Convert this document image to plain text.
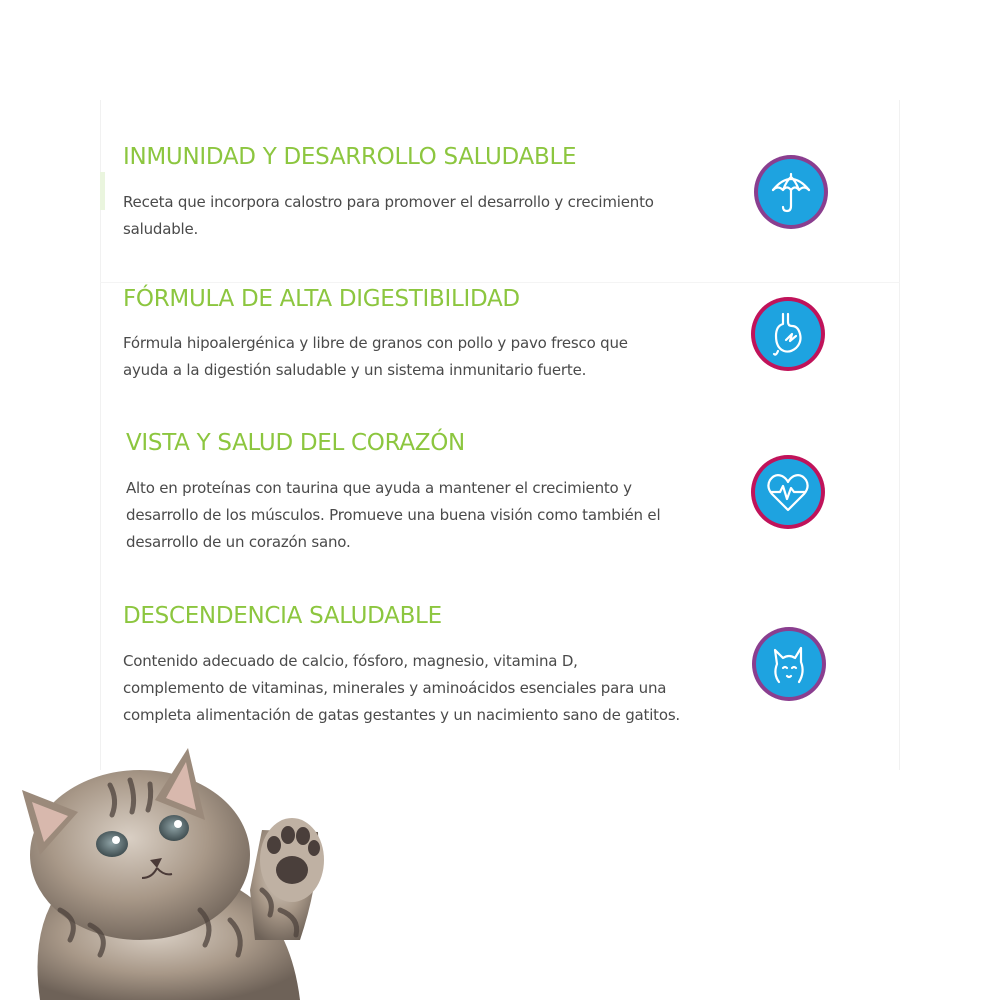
INMUNIDAD Y DESARROLLO SALUDABLE

Receta que incorpora calostro para promover el desarrollo y crecimiento saludable.

FÓRMULA DE ALTA DIGESTIBILIDAD

Fórmula hipoalergénica y libre de granos con pollo y pavo fresco que ayuda a la digestión saludable y un sistema inmunitario fuerte.

VISTA Y SALUD DEL CORAZÓN

Alto en proteínas con taurina que ayuda a mantener el crecimiento y desarrollo de los músculos. Promueve una buena visión como también el desarrollo de un corazón sano.

DESCENDENCIA SALUDABLE

Contenido adecuado de calcio, fósforo, magnesio, vitamina D, complemento de vitaminas, minerales y aminoácidos esenciales para una completa alimentación de gatas gestantes y un nacimiento sano de gatitos.
